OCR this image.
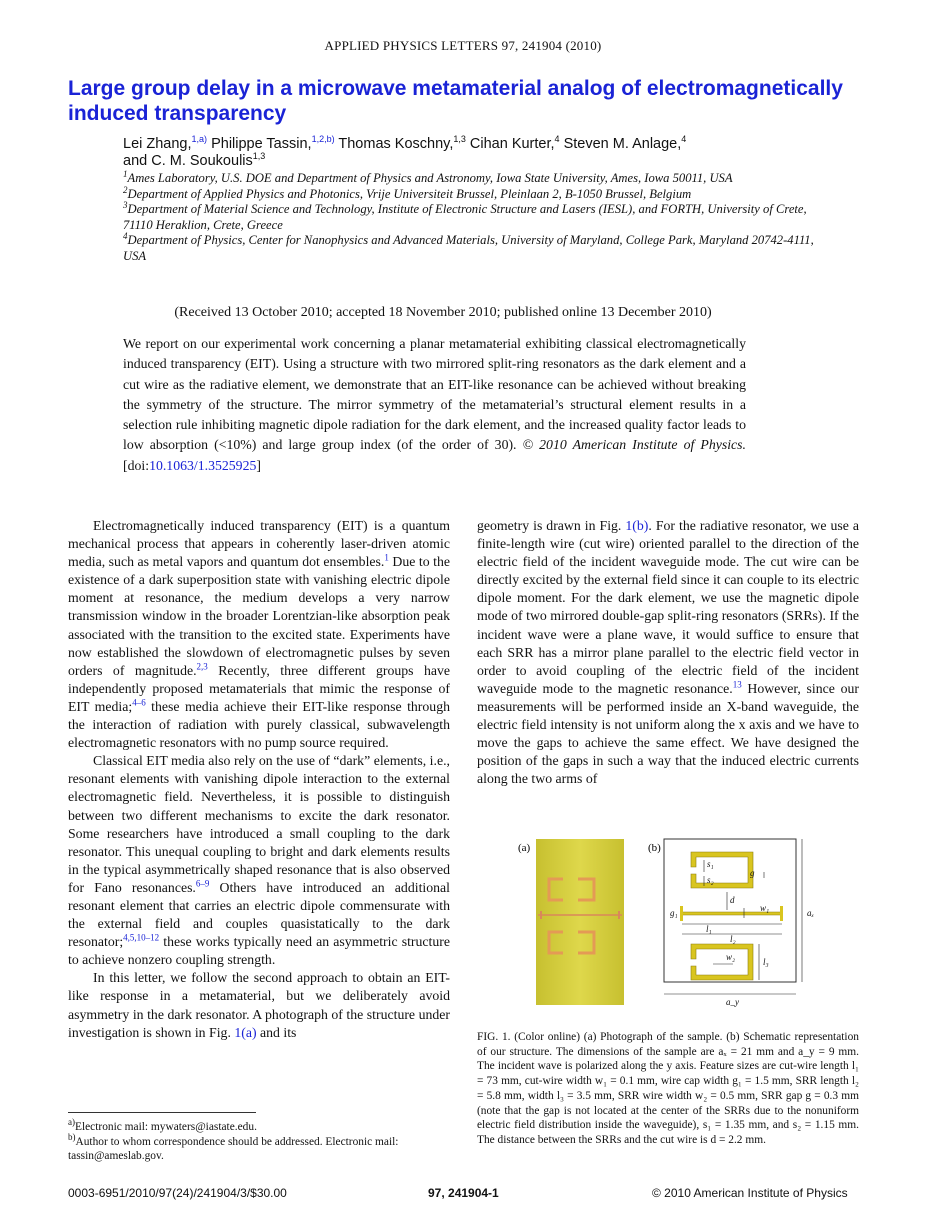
APPLIED PHYSICS LETTERS 97, 241904 (2010)
Large group delay in a microwave metamaterial analog of electromagnetically induced transparency
Lei Zhang,$^{1,a)}$ Philippe Tassin,$^{1,2,b)}$ Thomas Koschny,$^{1,3}$ Cihan Kurter,$^4$ Steven M. Anlage,$^4$
and C. M. Soukoulis$^{1,3}$

$^1$Ames Laboratory, U.S. DOE and Department of Physics and Astronomy, Iowa State University, Ames, Iowa 50011, USA

$^2$Department of Applied Physics and Photonics, Vrije Universiteit Brussel, Pleinlaan 2, B-1050 Brussel, Belgium

$^3$Department of Material Science and Technology, Institute of Electronic Structure and Lasers (IESL), and FORTH, University of Crete, 71110 Heraklion, Crete, Greece

$^4$Department of Physics, Center for Nanophysics and Advanced Materials, University of Maryland, College Park, Maryland 20742-4111, USA

(Received 13 October 2010; accepted 18 November 2010; published online 13 December 2010)
We report on our experimental work concerning a planar metamaterial exhibiting classical electromagnetically induced transparency (EIT). Using a structure with two mirrored split-ring resonators as the dark element and a cut wire as the radiative element, we demonstrate that an EIT-like resonance can be achieved without breaking the symmetry of the structure. The mirror symmetry of the metamaterial’s structural element results in a selection rule inhibiting magnetic dipole radiation for the dark element, and the increased quality factor leads to low absorption (<10%) and large group index (of the order of 30). © 2010 American Institute of Physics. [doi:10.1063/1.3525925]

Electromagnetically induced transparency (EIT) is a quantum mechanical process that appears in coherently laser-driven atomic media, such as metal vapors and quantum dot ensembles.$^1$ Due to the existence of a dark superposition state with vanishing electric dipole moment at resonance, the medium develops a very narrow transmission window in the broader Lorentzian-like absorption peak associated with the transition to the excited state. Experiments have now established the slowdown of electromagnetic pulses by seven orders of magnitude.$^{2,3}$ Recently, three different groups have independently proposed metamaterials that mimic the response of EIT media;$^{4-6}$ these media achieve their EIT-like response through the interaction of radiation with purely classical, subwavelength electromagnetic resonators with no pump source required.

Classical EIT media also rely on the use of “dark” elements, i.e., resonant elements with vanishing dipole interaction to the external electromagnetic field. Nevertheless, it is possible to distinguish between two different mechanisms to excite the dark resonator. Some researchers have introduced a small coupling to the dark resonator. This unequal coupling to bright and dark elements results in the typical asymmetrically shaped resonance that is also observed for Fano resonances.$^{6-9}$ Others have introduced an additional resonant element that carries an electric dipole commensurate with the external field and couples quasistatically to the dark resonator;$^{4,5,10-12}$ these works typically need an asymmetric structure to achieve nonzero coupling strength.

In this letter, we follow the second approach to obtain an EIT-like response in a metamaterial, but we deliberately avoid asymmetry in the dark resonator. A photograph of the structure under investigation is shown in Fig. 1(a) and its

geometry is drawn in Fig. 1(b). For the radiative resonator, we use a finite-length wire (cut wire) oriented parallel to the direction of the electric field of the incident waveguide mode. The cut wire can be directly excited by the external field since it can couple to its electric dipole moment. For the dark element, we use the magnetic dipole mode of two mirrored double-gap split-ring resonators (SRRs). If the incident wave were a plane wave, it would suffice to ensure that each SRR has a mirror plane parallel to the electric field vector in order to avoid coupling of the electric field of the incident waveguide mode to the magnetic resonance.$^{13}$ However, since our measurements will be performed inside an X-band waveguide, the electric field intensity is not uniform along the x axis and we have to move the gaps to achieve the same effect. We have designed the position of the gaps in such a way that the induced electric currents along the two arms of

(a)	(b)
s₁
s₂
g
d
w₁
g₁
l₁
l₂
l₃
w₂
aₓ
a_y
FIG. 1. (Color online) (a) Photograph of the sample. (b) Schematic representation of our structure. The dimensions of the sample are aₓ = 21 mm and a_y = 9 mm. The incident wave is polarized along the y axis. Feature sizes are cut-wire length l₁ = 73 mm, cut-wire width w₁ = 0.1 mm, wire cap width g₁ = 1.5 mm, SRR length l₂ = 5.8 mm, width l₃ = 3.5 mm, SRR wire width w₂ = 0.5 mm, SRR gap g = 0.3 mm (note that the gap is not located at the center of the SRRs due to the nonuniform electric field distribution inside the waveguide), s₁ = 1.35 mm, and s₂ = 1.15 mm. The distance between the SRRs and the cut wire is d = 2.2 mm.

$^{a)}$Electronic mail: mywaters@iastate.edu.

$^{b)}$Author to whom correspondence should be addressed. Electronic mail: tassin@ameslab.gov.

0003-6951/2010/97(24)/241904/3/$30.00	97, 241904-1	© 2010 American Institute of Physics
